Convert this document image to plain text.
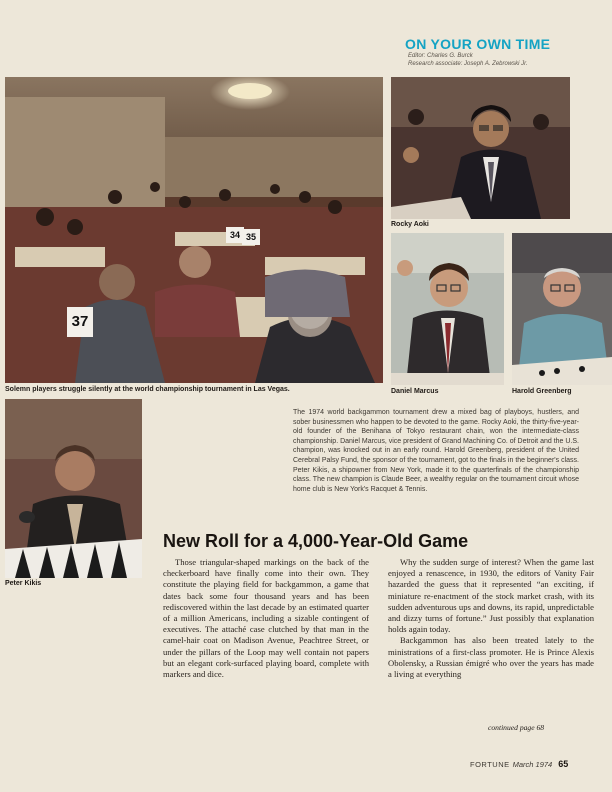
ON YOUR OWN TIME
Editor: Charles G. Burck
Research associate: Joseph A. Zebrowski Jr.
37
34 35
Solemn players struggle silently at the world championship tournament in Las Vegas.
Rocky Aoki
Daniel Marcus	Harold Greenberg
Peter Kikis
The 1974 world backgammon tournament drew a mixed bag of playboys, hustlers, and sober businessmen who happen to be devoted to the game. Rocky Aoki, the thirty-five-year-old founder of the Benihana of Tokyo restaurant chain, won the intermediate-class championship. Daniel Marcus, vice president of Grand Machining Co. of Detroit and the U.S. champion, was knocked out in an early round. Harold Greenberg, president of the United Cerebral Palsy Fund, the sponsor of the tournament, got to the finals in the beginner's class. Peter Kikis, a shipowner from New York, made it to the quarterfinals of the championship class. The new champion is Claude Beer, a wealthy regular on the tournament circuit whose home club is New York's Racquet & Tennis.
New Roll for a 4,000-Year-Old Game

Those triangular-shaped markings on the back of the checkerboard have finally come into their own. They constitute the playing field for backgammon, a game that dates back some four thousand years and has been rediscovered within the last decade by an estimated quarter of a million Americans, including a sizable contingent of executives. The attaché case clutched by that man in the camel-hair coat on Madison Avenue, Peachtree Street, or under the pillars of the Loop may well contain not papers but an elegant cork-surfaced playing board, complete with markers and dice.

Why the sudden surge of interest? When the game last enjoyed a renascence, in 1930, the editors of Vanity Fair hazarded the guess that it represented “an exciting, if miniature re-enactment of the stock market crash, with its sudden adventurous ups and downs, its rapid, unpredictable and dizzy turns of fortune.” Just possibly that explanation holds again today.

Backgammon has also been treated lately to the ministrations of a first-class promoter. He is Prince Alexis Obolensky, a Russian émigré who over the years has made a living at everything

continued page 68
FORTUNE March 1974 65
